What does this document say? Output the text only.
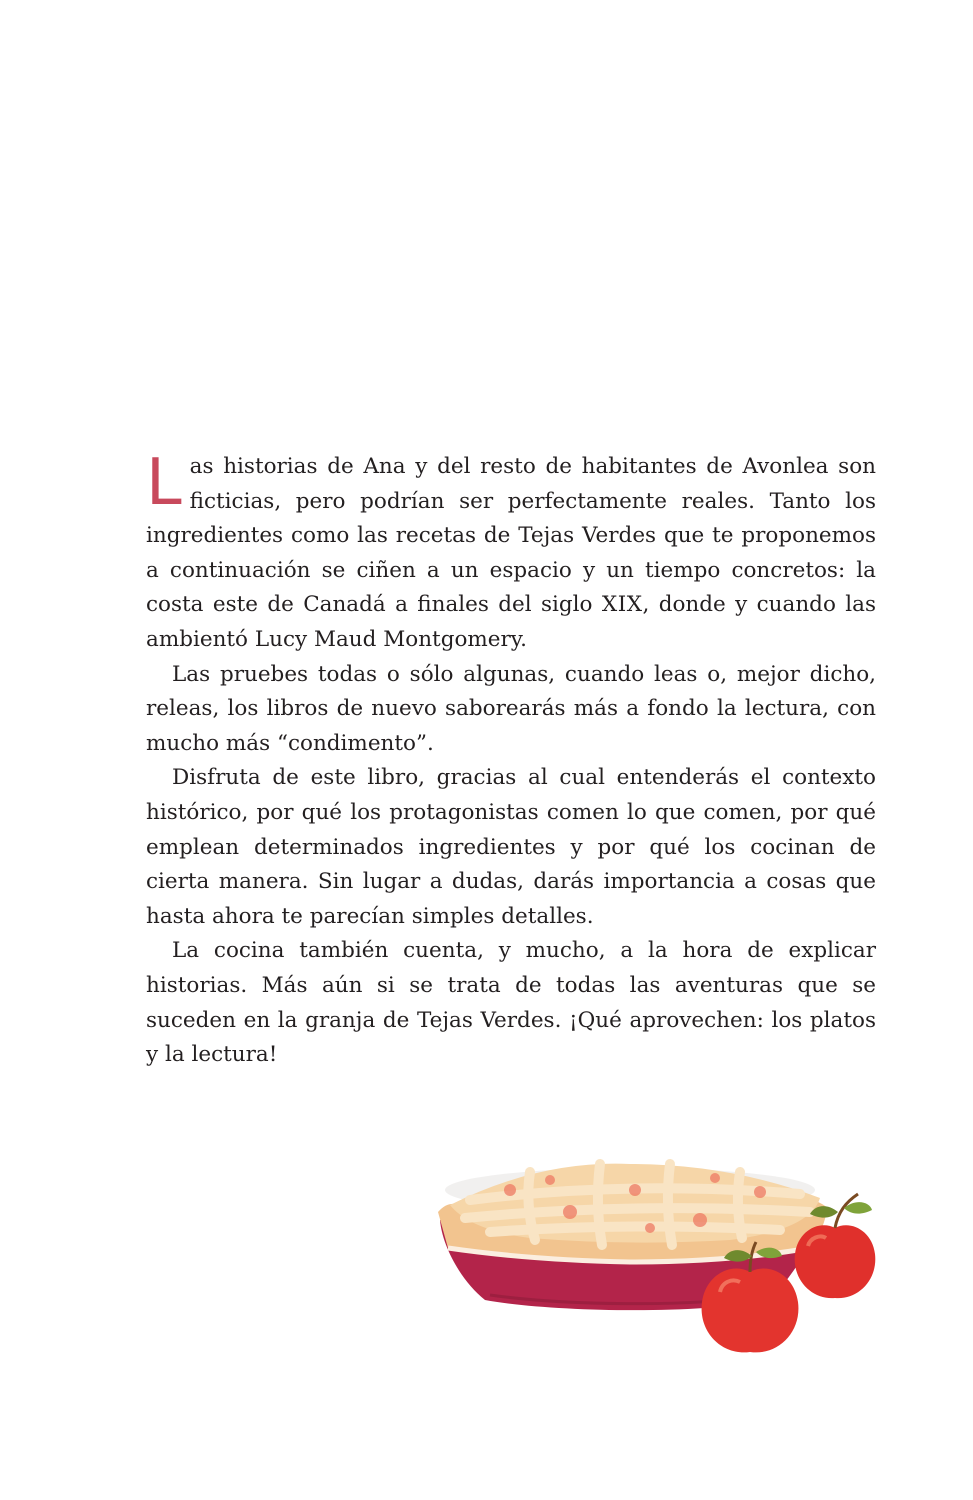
Las historias de Ana y del resto de habitantes de Avonlea son ficticias, pero podrían ser perfectamente reales. Tanto los ingredientes como las recetas de Tejas Verdes que te proponemos a continuación se ciñen a un espacio y un tiempo concretos: la costa este de Canadá a finales del siglo XIX, donde y cuando las ambientó Lucy Maud Montgomery.

Las pruebes todas o sólo algunas, cuando leas o, mejor dicho, releas, los libros de nuevo saborearás más a fondo la lectura, con mucho más “condimento”.

Disfruta de este libro, gracias al cual entenderás el contexto histórico, por qué los protagonistas comen lo que comen, por qué emplean determinados ingredientes y por qué los cocinan de cierta manera. Sin lugar a dudas, darás importancia a cosas que hasta ahora te parecían simples detalles.

La cocina también cuenta, y mucho, a la hora de explicar historias. Más aún si se trata de todas las aventuras que se suceden en la granja de Tejas Verdes. ¡Qué aprovechen: los platos y la lectura!
